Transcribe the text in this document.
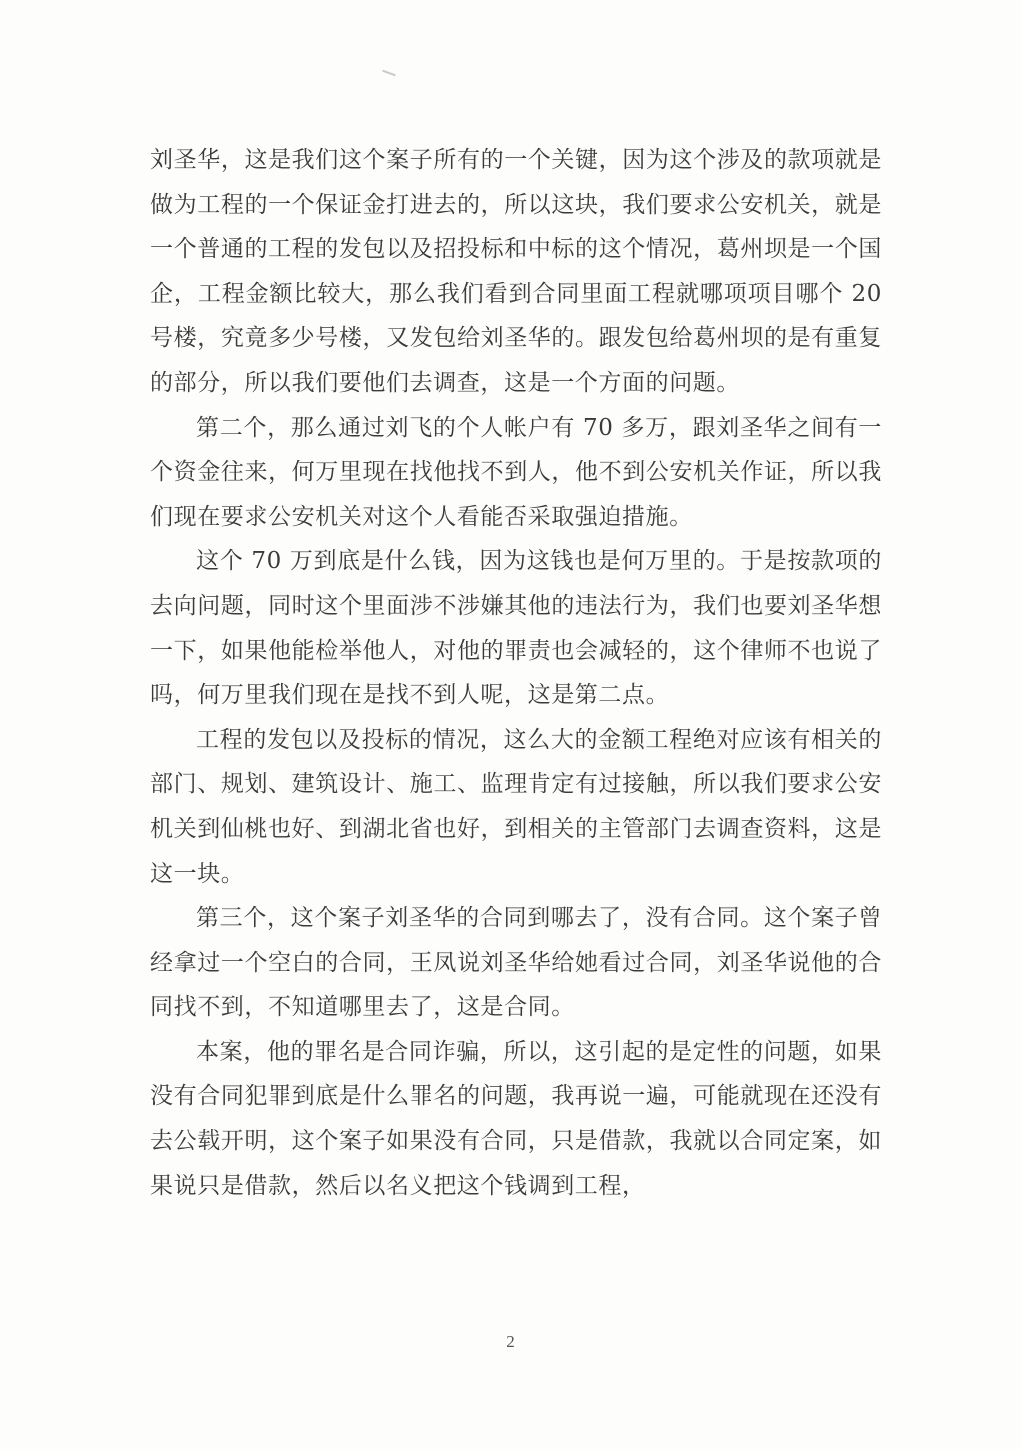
刘圣华，这是我们这个案子所有的一个关键，因为这个涉及的款项就是做为工程的一个保证金打进去的，所以这块，我们要求公安机关，就是一个普通的工程的发包以及招投标和中标的这个情况，葛州坝是一个国企，工程金额比较大，那么我们看到合同里面工程就哪项项目哪个 20 号楼，究竟多少号楼，又发包给刘圣华的。跟发包给葛州坝的是有重复的部分，所以我们要他们去调查，这是一个方面的问题。

第二个，那么通过刘飞的个人帐户有 70 多万，跟刘圣华之间有一个资金往来，何万里现在找他找不到人，他不到公安机关作证，所以我们现在要求公安机关对这个人看能否采取强迫措施。

这个 70 万到底是什么钱，因为这钱也是何万里的。于是按款项的去向问题，同时这个里面涉不涉嫌其他的违法行为，我们也要刘圣华想一下，如果他能检举他人，对他的罪责也会减轻的，这个律师不也说了吗，何万里我们现在是找不到人呢，这是第二点。

工程的发包以及投标的情况，这么大的金额工程绝对应该有相关的部门、规划、建筑设计、施工、监理肯定有过接触，所以我们要求公安机关到仙桃也好、到湖北省也好，到相关的主管部门去调查资料，这是这一块。

第三个，这个案子刘圣华的合同到哪去了，没有合同。这个案子曾经拿过一个空白的合同，王凤说刘圣华给她看过合同，刘圣华说他的合同找不到，不知道哪里去了，这是合同。

本案，他的罪名是合同诈骗，所以，这引起的是定性的问题，如果没有合同犯罪到底是什么罪名的问题，我再说一遍，可能就现在还没有去公载开明，这个案子如果没有合同，只是借款，我就以合同定案，如果说只是借款，然后以名义把这个钱调到工程，

2
